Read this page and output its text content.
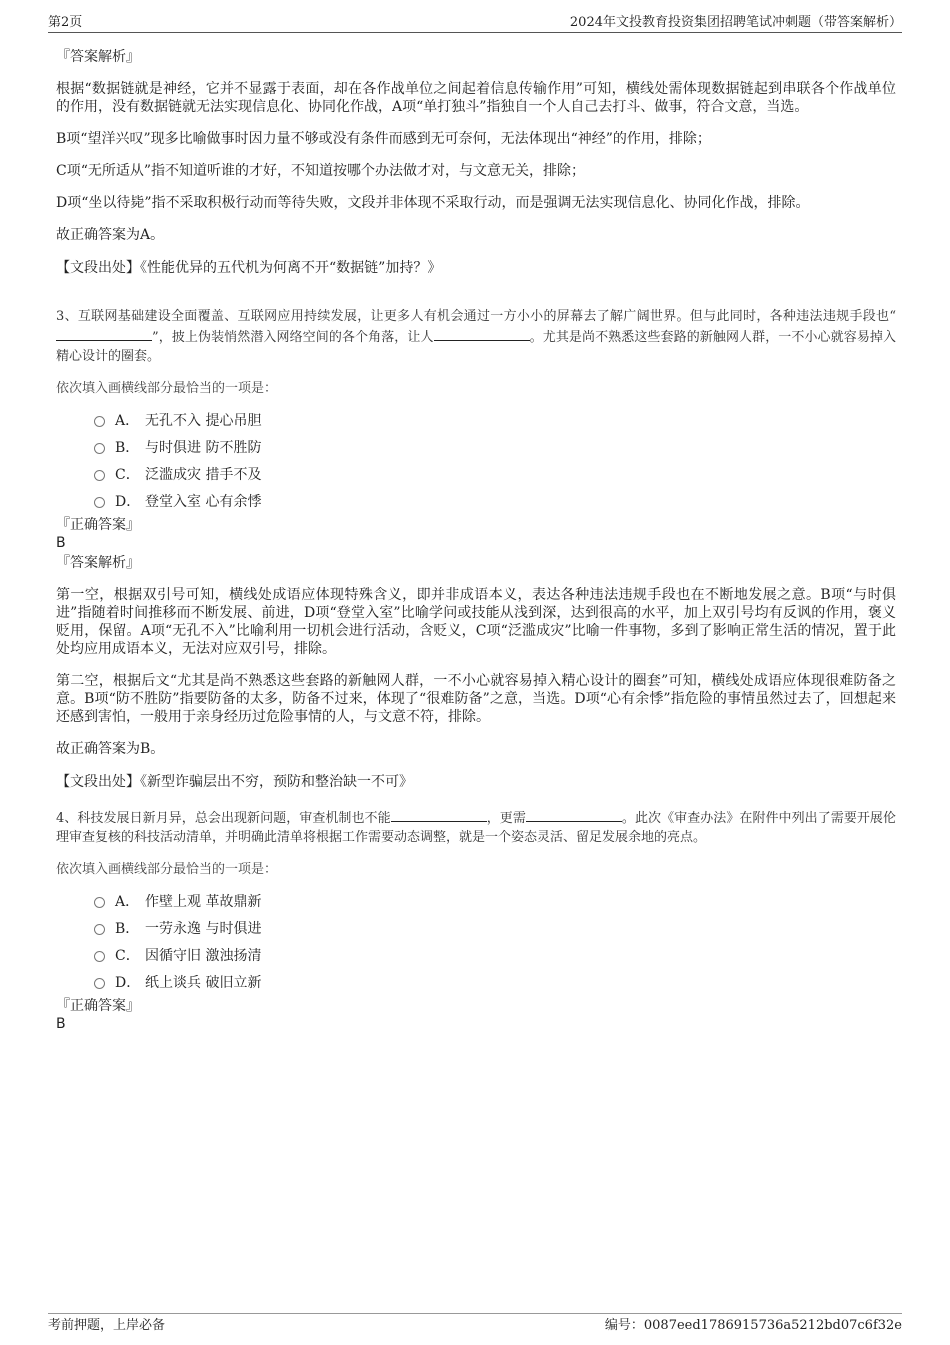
第2页	2024年文投教育投资集团招聘笔试冲刺题（带答案解析）
『答案解析』

根据“数据链就是神经，它并不显露于表面，却在各作战单位之间起着信息传输作用”可知，横线处需体现数据链起到串联各个作战单位的作用，没有数据链就无法实现信息化、协同化作战，A项“单打独斗”指独自一个人自己去打斗、做事，符合文意，当选。

B项“望洋兴叹”现多比喻做事时因力量不够或没有条件而感到无可奈何，无法体现出“神经”的作用，排除；

C项“无所适从”指不知道听谁的才好，不知道按哪个办法做才对，与文意无关，排除；

D项“坐以待毙”指不采取积极行动而等待失败，文段并非体现不采取行动，而是强调无法实现信息化、协同化作战，排除。

故正确答案为A。

【文段出处】《性能优异的五代机为何离不开“数据链”加持？》
3、互联网基础建设全面覆盖、互联网应用持续发展，让更多人有机会通过一方小小的屏幕去了解广阔世界。但与此同时，各种违法违规手段也“”，披上伪装悄然潜入网络空间的各个角落，让人	。尤其是尚不熟悉这些套路的新触网人群，一不小心就容易掉入精心设计的圈套。
依次填入画横线部分最恰当的一项是：
A． 无孔不入 提心吊胆
B． 与时俱进 防不胜防
C． 泛滥成灾 措手不及
D． 登堂入室 心有余悸
『正确答案』
B
『答案解析』

第一空，根据双引号可知，横线处成语应体现特殊含义，即并非成语本义，表达各种违法违规手段也在不断地发展之意。B项“与时俱进”指随着时间推移而不断发展、前进，D项“登堂入室”比喻学问或技能从浅到深，达到很高的水平，加上双引号均有反讽的作用，褒义贬用，保留。A项“无孔不入”比喻利用一切机会进行活动，含贬义，C项“泛滥成灾”比喻一件事物，多到了影响正常生活的情况，置于此处均应用成语本义，无法对应双引号，排除。

第二空，根据后文“尤其是尚不熟悉这些套路的新触网人群，一不小心就容易掉入精心设计的圈套”可知，横线处成语应体现很难防备之意。B项“防不胜防”指要防备的太多，防备不过来，体现了“很难防备”之意，当选。D项“心有余悸”指危险的事情虽然过去了，回想起来还感到害怕，一般用于亲身经历过危险事情的人，与文意不符，排除。

故正确答案为B。

【文段出处】《新型诈骗层出不穷，预防和整治缺一不可》
4、科技发展日新月异，总会出现新问题，审查机制也不能	，更需	。此次《审查办法》在附件中列出了需要开展伦理审查复核的科技活动清单，并明确此清单将根据工作需要动态调整，就是一个姿态灵活、留足发展余地的亮点。
依次填入画横线部分最恰当的一项是：
A． 作壁上观 革故鼎新
B． 一劳永逸 与时俱进
C． 因循守旧 激浊扬清
D． 纸上谈兵 破旧立新
『正确答案』
B
考前押题，上岸必备	编号：0087eed1786915736a5212bd07c6f32e
